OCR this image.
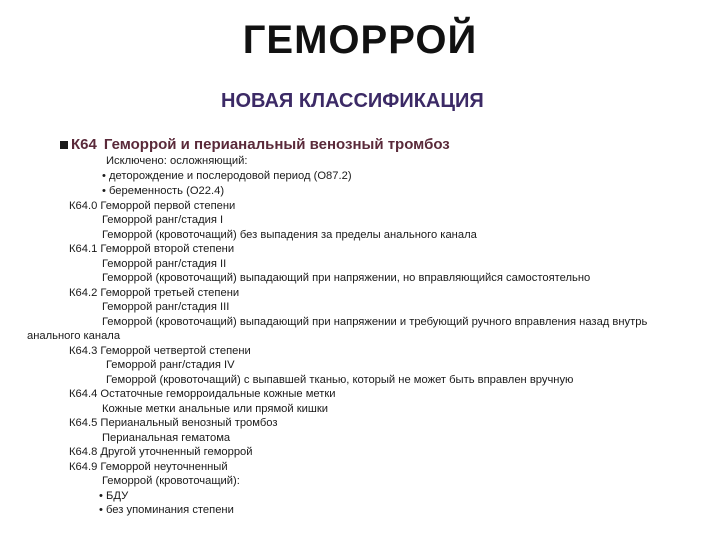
ГЕМОРРОЙ
НОВАЯ КЛАССИФИКАЦИЯ
К64 Геморрой и перианальный венозный тромбоз
Исключено: осложняющий:
• деторождение и послеродовой период (О87.2)
• беременность (О22.4)
К64.0 Геморрой первой степени
Геморрой ранг/стадия I
Геморрой (кровоточащий) без выпадения за пределы анального канала
К64.1 Геморрой второй степени
Геморрой ранг/стадия II
Геморрой (кровоточащий) выпадающий при напряжении, но вправляющийся самостоятельно
К64.2 Геморрой третьей степени
Геморрой ранг/стадия III
Геморрой (кровоточащий) выпадающий при напряжении и требующий ручного вправления назад внутрь
анального канала
К64.3 Геморрой четвертой степени
Геморрой ранг/стадия IV
Геморрой (кровоточащий) с выпавшей тканью, который не может быть вправлен вручную
К64.4 Остаточные геморроидальные кожные метки
Кожные метки анальные или прямой кишки
К64.5 Перианальный венозный тромбоз
Перианальная гематома
К64.8 Другой уточненный геморрой
К64.9 Геморрой неуточненный
Геморрой (кровоточащий):
• БДУ
• без упоминания степени
